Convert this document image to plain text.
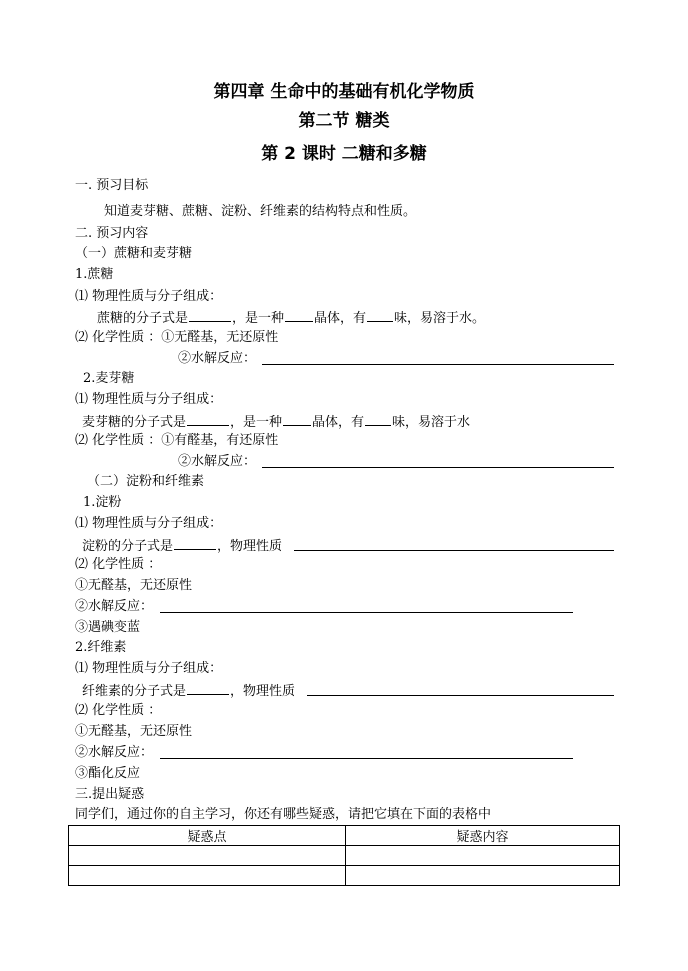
第四章 生命中的基础有机化学物质
第二节 糖类
第 2 课时 二糖和多糖
一. 预习目标
知道麦芽糖、蔗糖、淀粉、纤维素的结构特点和性质。
二. 预习内容
（一）蔗糖和麦芽糖
1.蔗糖
⑴ 物理性质与分子组成：
蔗糖的分子式是	，是一种 晶体，有 味，易溶于水。
⑵ 化学性质 ：①无醛基，无还原性
②水解反应：
2.麦芽糖
⑴ 物理性质与分子组成：
麦芽糖的分子式是	，是一种 晶体，有 味，易溶于水
⑵ 化学性质 ：①有醛基，有还原性
②水解反应：
（二）淀粉和纤维素
1.淀粉
⑴ 物理性质与分子组成：
淀粉的分子式是	，物理性质
⑵ 化学性质 ：
①无醛基，无还原性
②水解反应：
③遇碘变蓝
2.纤维素
⑴ 物理性质与分子组成：
纤维素的分子式是	，物理性质
⑵ 化学性质 ：
①无醛基，无还原性
②水解反应：
③酯化反应
三.提出疑惑
同学们，通过你的自主学习，你还有哪些疑惑，请把它填在下面的表格中
疑惑点	疑惑内容
